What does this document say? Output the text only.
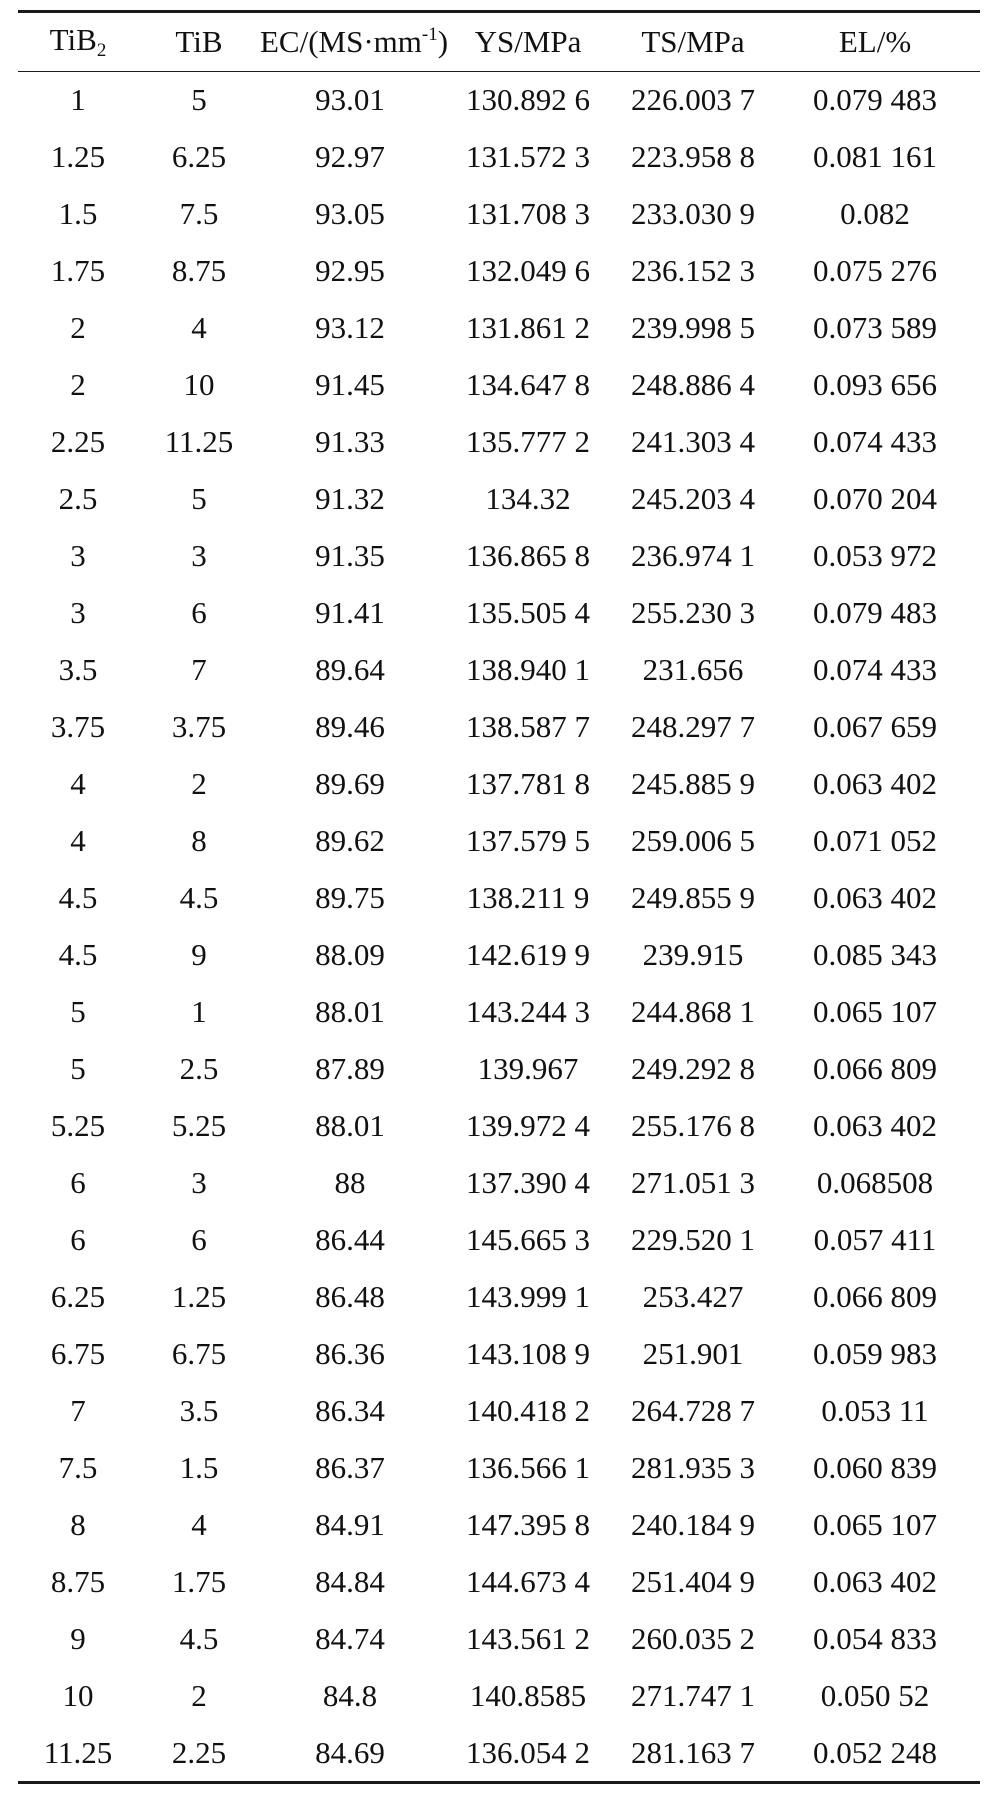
TiB$_2$	TiB	$EC/(MS\cdot mm^{-1})$	YS/MPa	TS/MPa	EL/%
1	5	93.01	130.892 6	226.003 7	0.079 483
1.25	6.25	92.97	131.572 3	223.958 8	0.081 161
1.5	7.5	93.05	131.708 3	233.030 9	0.082
1.75	8.75	92.95	132.049 6	236.152 3	0.075 276
2	4	93.12	131.861 2	239.998 5	0.073 589
2	10	91.45	134.647 8	248.886 4	0.093 656
2.25	11.25	91.33	135.777 2	241.303 4	0.074 433
2.5	5	91.32	134.32	245.203 4	0.070 204
3	3	91.35	136.865 8	236.974 1	0.053 972
3	6	91.41	135.505 4	255.230 3	0.079 483
3.5	7	89.64	138.940 1	231.656	0.074 433
3.75	3.75	89.46	138.587 7	248.297 7	0.067 659
4	2	89.69	137.781 8	245.885 9	0.063 402
4	8	89.62	137.579 5	259.006 5	0.071 052
4.5	4.5	89.75	138.211 9	249.855 9	0.063 402
4.5	9	88.09	142.619 9	239.915	0.085 343
5	1	88.01	143.244 3	244.868 1	0.065 107
5	2.5	87.89	139.967	249.292 8	0.066 809
5.25	5.25	88.01	139.972 4	255.176 8	0.063 402
6	3	88	137.390 4	271.051 3	0.068508
6	6	86.44	145.665 3	229.520 1	0.057 411
6.25	1.25	86.48	143.999 1	253.427	0.066 809
6.75	6.75	86.36	143.108 9	251.901	0.059 983
7	3.5	86.34	140.418 2	264.728 7	0.053 11
7.5	1.5	86.37	136.566 1	281.935 3	0.060 839
8	4	84.91	147.395 8	240.184 9	0.065 107
8.75	1.75	84.84	144.673 4	251.404 9	0.063 402
9	4.5	84.74	143.561 2	260.035 2	0.054 833
10	2	84.8	140.8585	271.747 1	0.050 52
11.25	2.25	84.69	136.054 2	281.163 7	0.052 248
